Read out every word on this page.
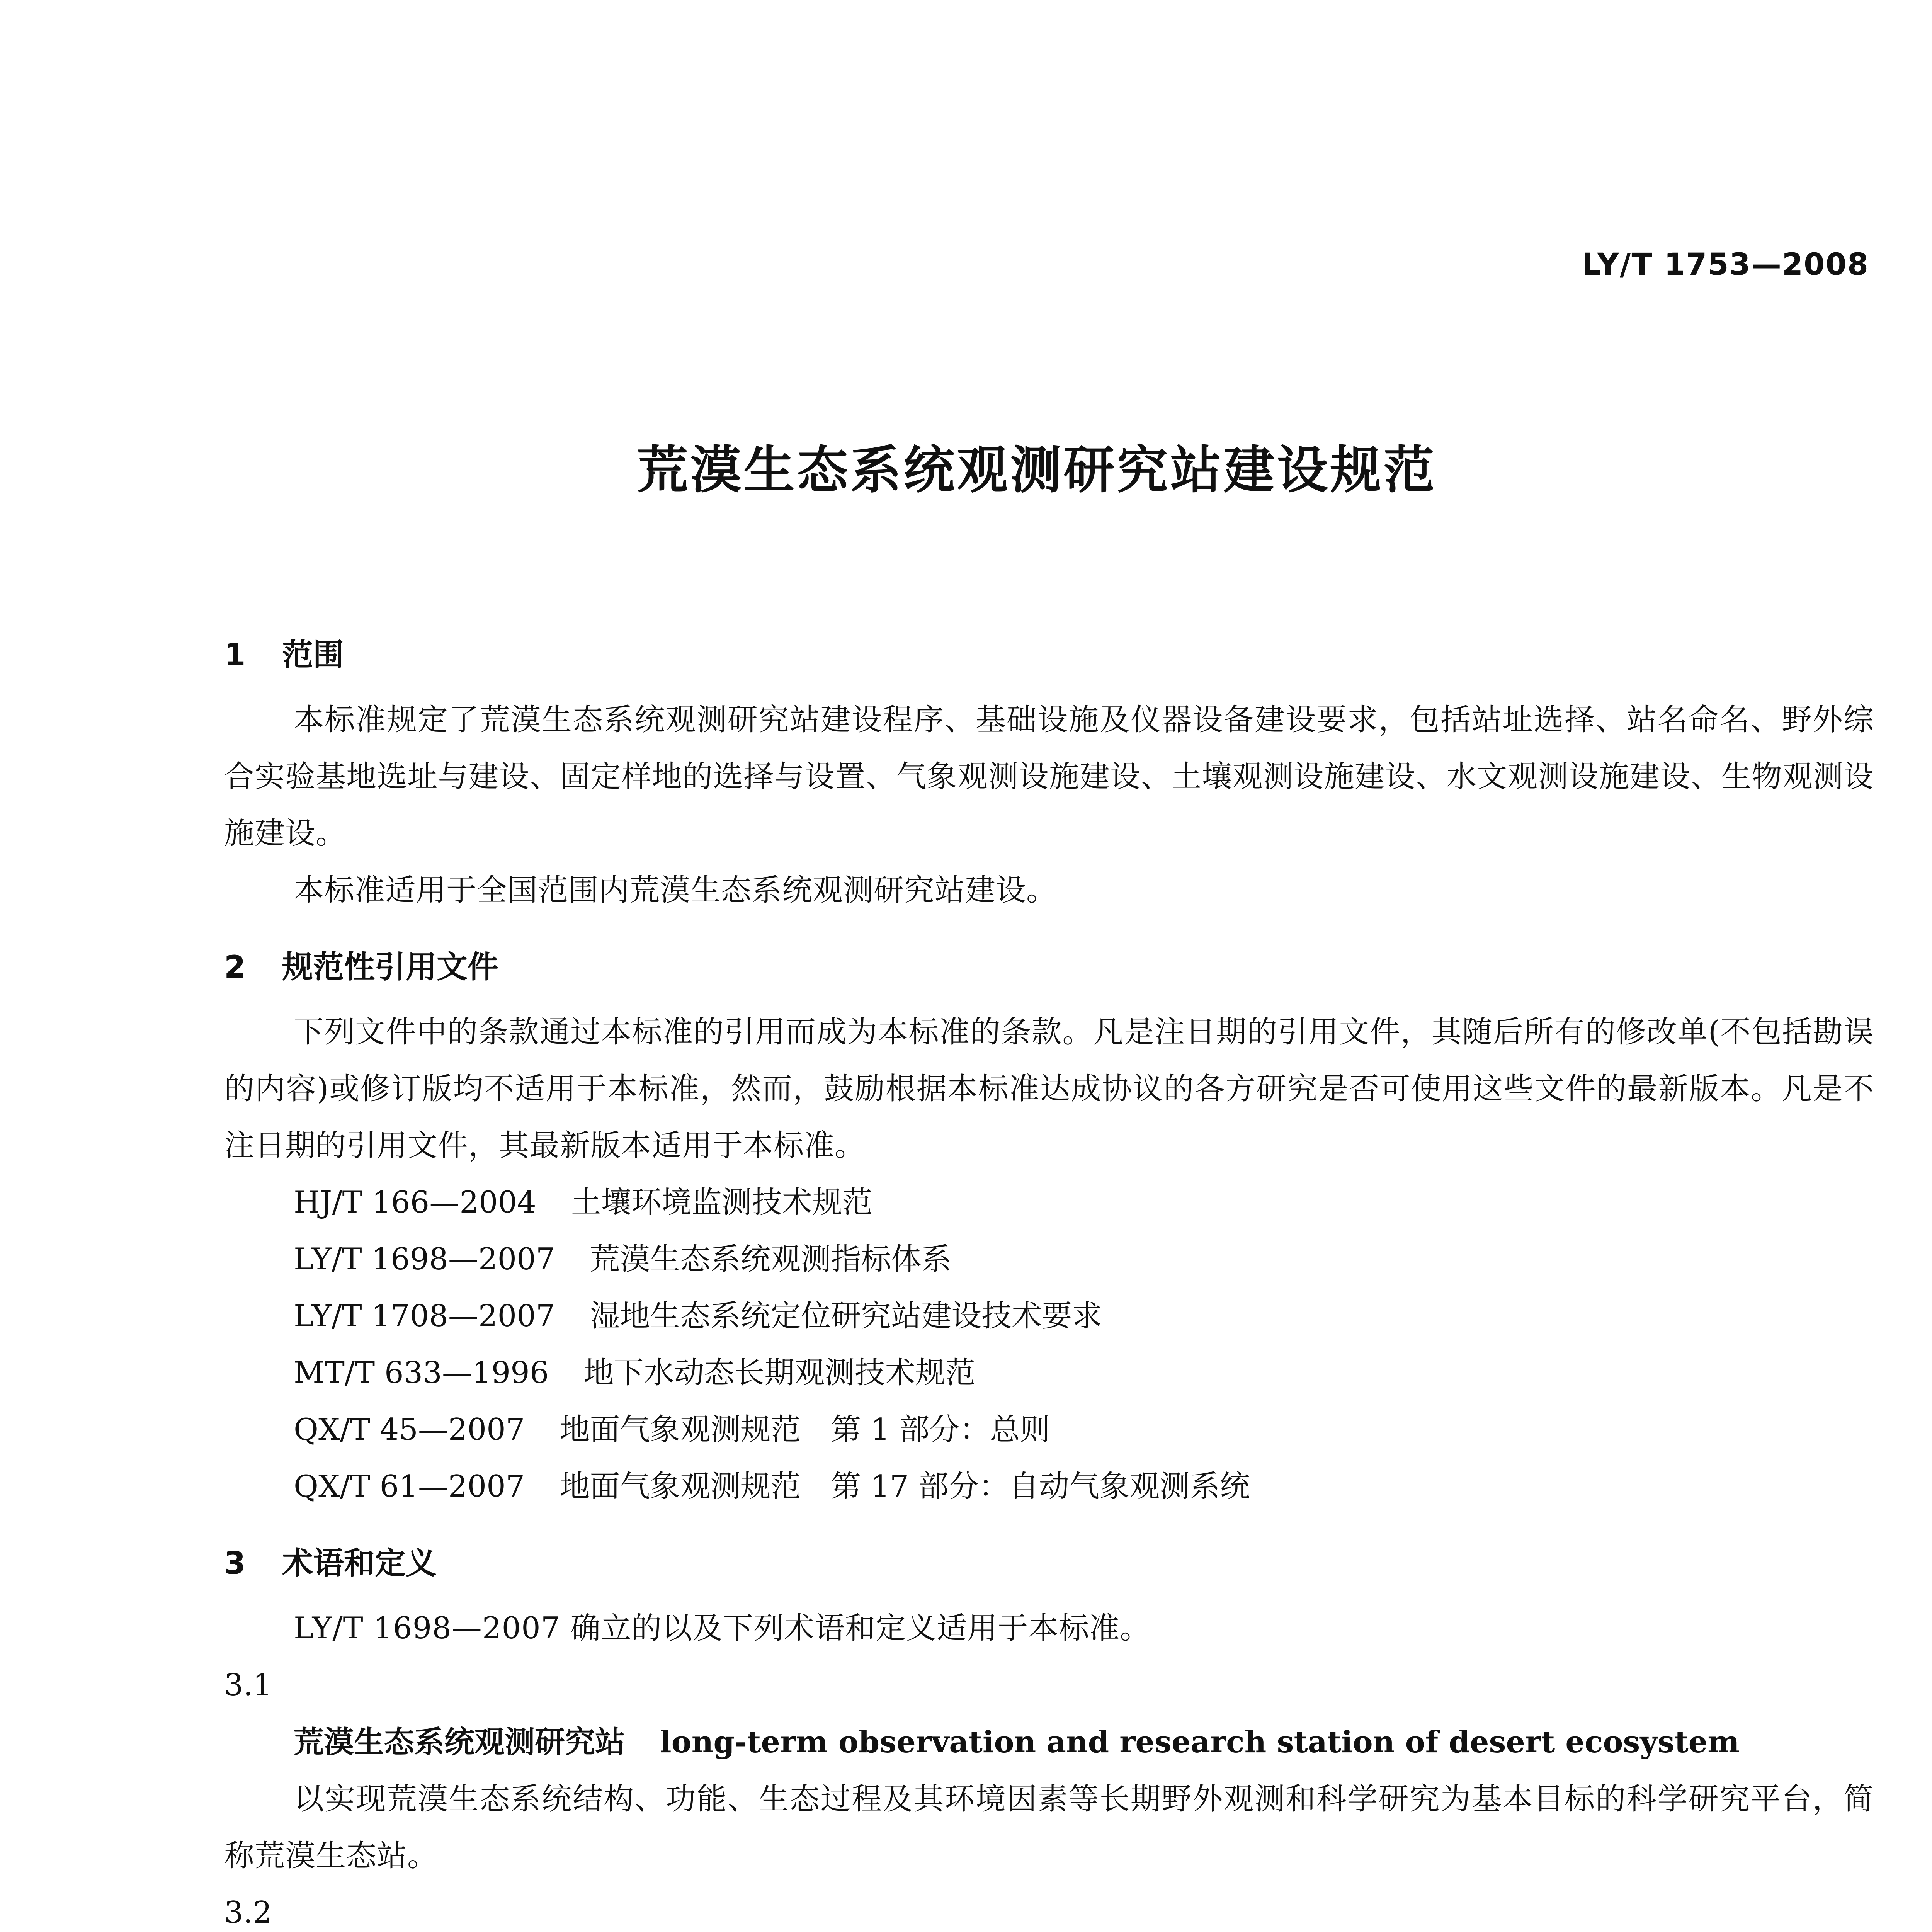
LY/T 1753—2008
荒漠生态系统观测研究站建设规范
1 范围
本标准规定了荒漠生态系统观测研究站建设程序、基础设施及仪器设备建设要求，包括站址选择、站名命名、野外综合实验基地选址与建设、固定样地的选择与设置、气象观测设施建设、土壤观测设施建设、水文观测设施建设、生物观测设施建设。
本标准适用于全国范围内荒漠生态系统观测研究站建设。
2 规范性引用文件
下列文件中的条款通过本标准的引用而成为本标准的条款。凡是注日期的引用文件，其随后所有的修改单(不包括勘误的内容)或修订版均不适用于本标准，然而，鼓励根据本标准达成协议的各方研究是否可使用这些文件的最新版本。凡是不注日期的引用文件，其最新版本适用于本标准。
HJ/T 166—2004 土壤环境监测技术规范
LY/T 1698—2007 荒漠生态系统观测指标体系
LY/T 1708—2007 湿地生态系统定位研究站建设技术要求
MT/T 633—1996 地下水动态长期观测技术规范
QX/T 45—2007 地面气象观测规范　第 1 部分：总则
QX/T 61—2007 地面气象观测规范　第 17 部分：自动气象观测系统
3 术语和定义
LY/T 1698—2007 确立的以及下列术语和定义适用于本标准。
3.1
荒漠生态系统观测研究站 long-term observation and research station of desert ecosystem
以实现荒漠生态系统结构、功能、生态过程及其环境因素等长期野外观测和科学研究为基本目标的科学研究平台，简称荒漠生态站。
3.2
